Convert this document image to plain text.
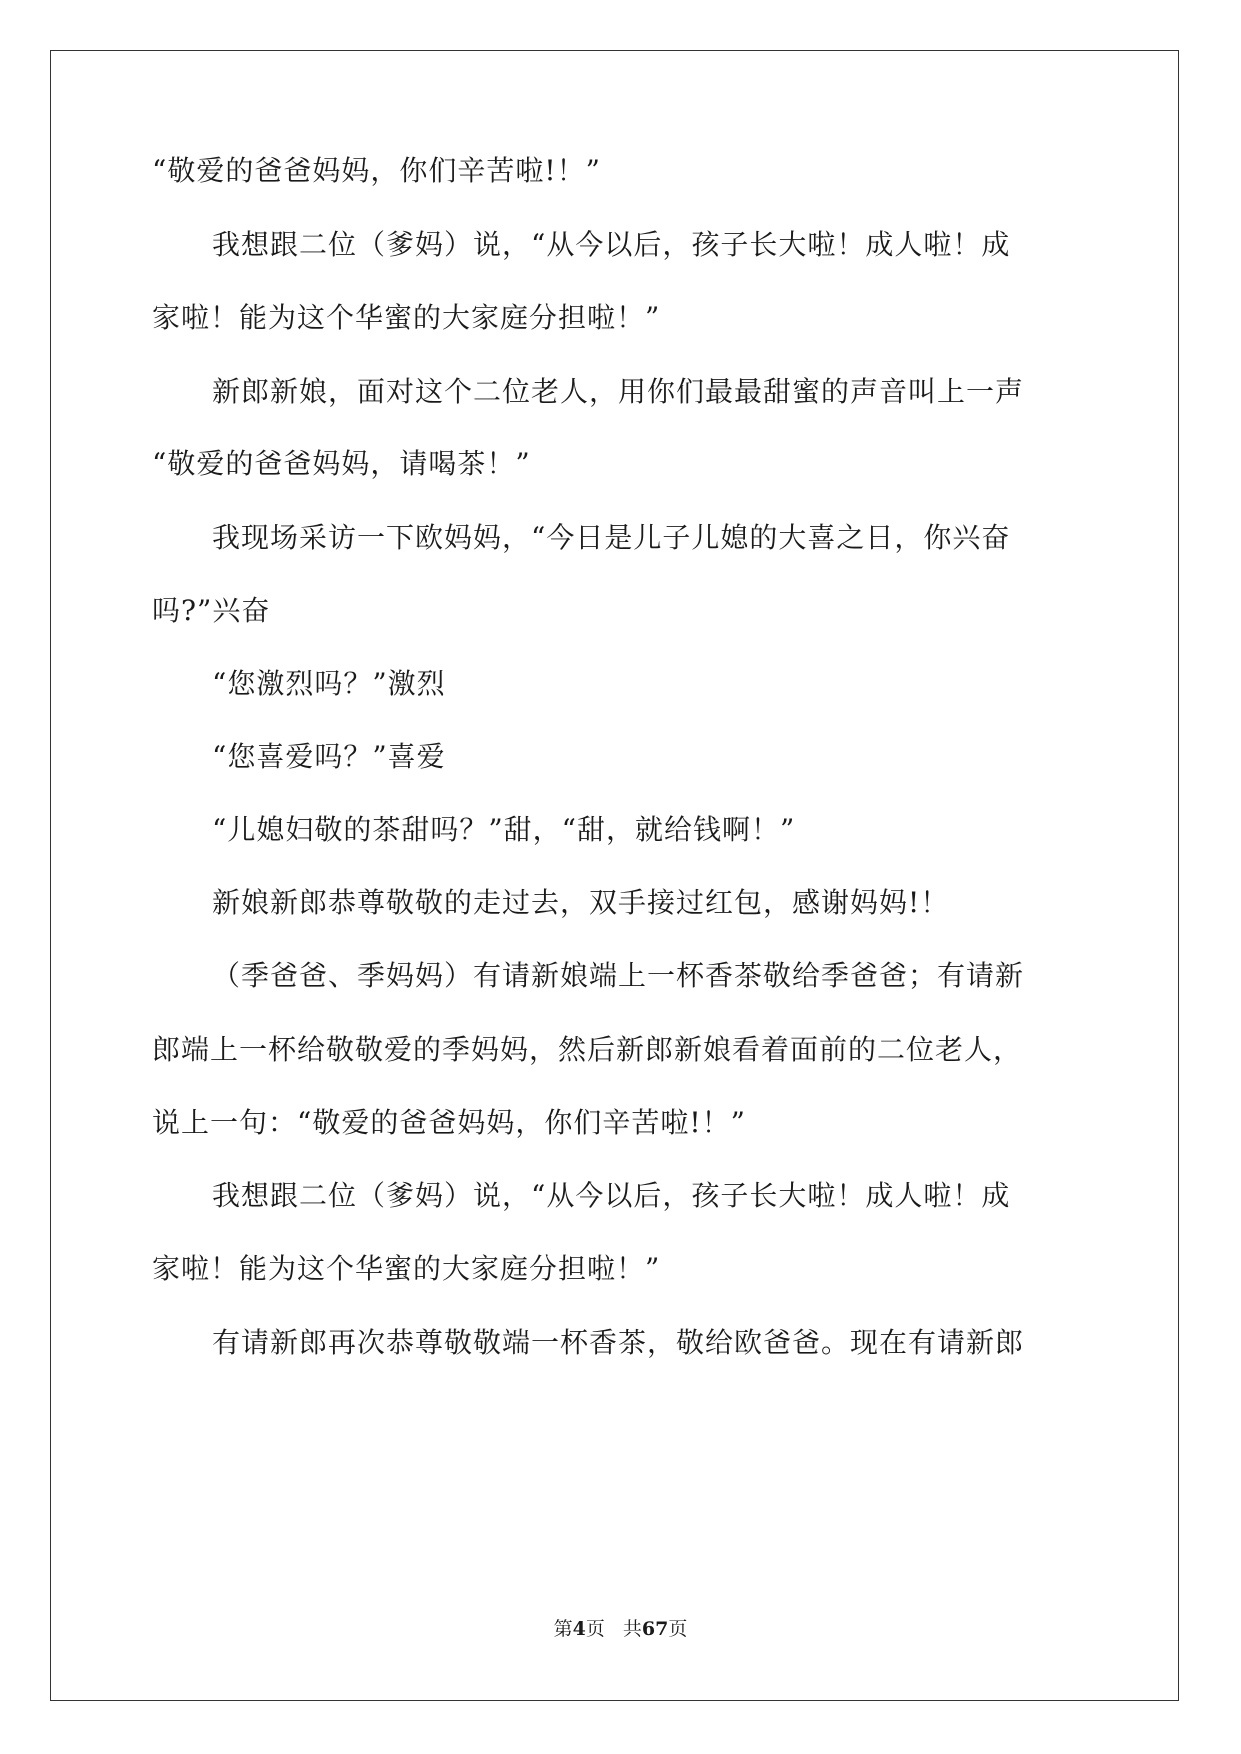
“敬爱的爸爸妈妈，你们辛苦啦!！”
我想跟二位（爹妈）说，“从今以后，孩子长大啦！成人啦！成
家啦！能为这个华蜜的大家庭分担啦！”
新郎新娘，面对这个二位老人，用你们最最甜蜜的声音叫上一声
“敬爱的爸爸妈妈，请喝茶！”
我现场采访一下欧妈妈，“今日是儿子儿媳的大喜之日，你兴奋
吗?”兴奋
“您激烈吗？”激烈
“您喜爱吗？”喜爱
“儿媳妇敬的茶甜吗？”甜，“甜，就给钱啊！”
新娘新郎恭尊敬敬的走过去，双手接过红包，感谢妈妈!！
（季爸爸、季妈妈）有请新娘端上一杯香茶敬给季爸爸；有请新
郎端上一杯给敬敬爱的季妈妈，然后新郎新娘看着面前的二位老人，
说上一句：“敬爱的爸爸妈妈，你们辛苦啦!！”
我想跟二位（爹妈）说，“从今以后，孩子长大啦！成人啦！成
家啦！能为这个华蜜的大家庭分担啦！”
有请新郎再次恭尊敬敬端一杯香茶，敬给欧爸爸。现在有请新郎
第4页 共67页
